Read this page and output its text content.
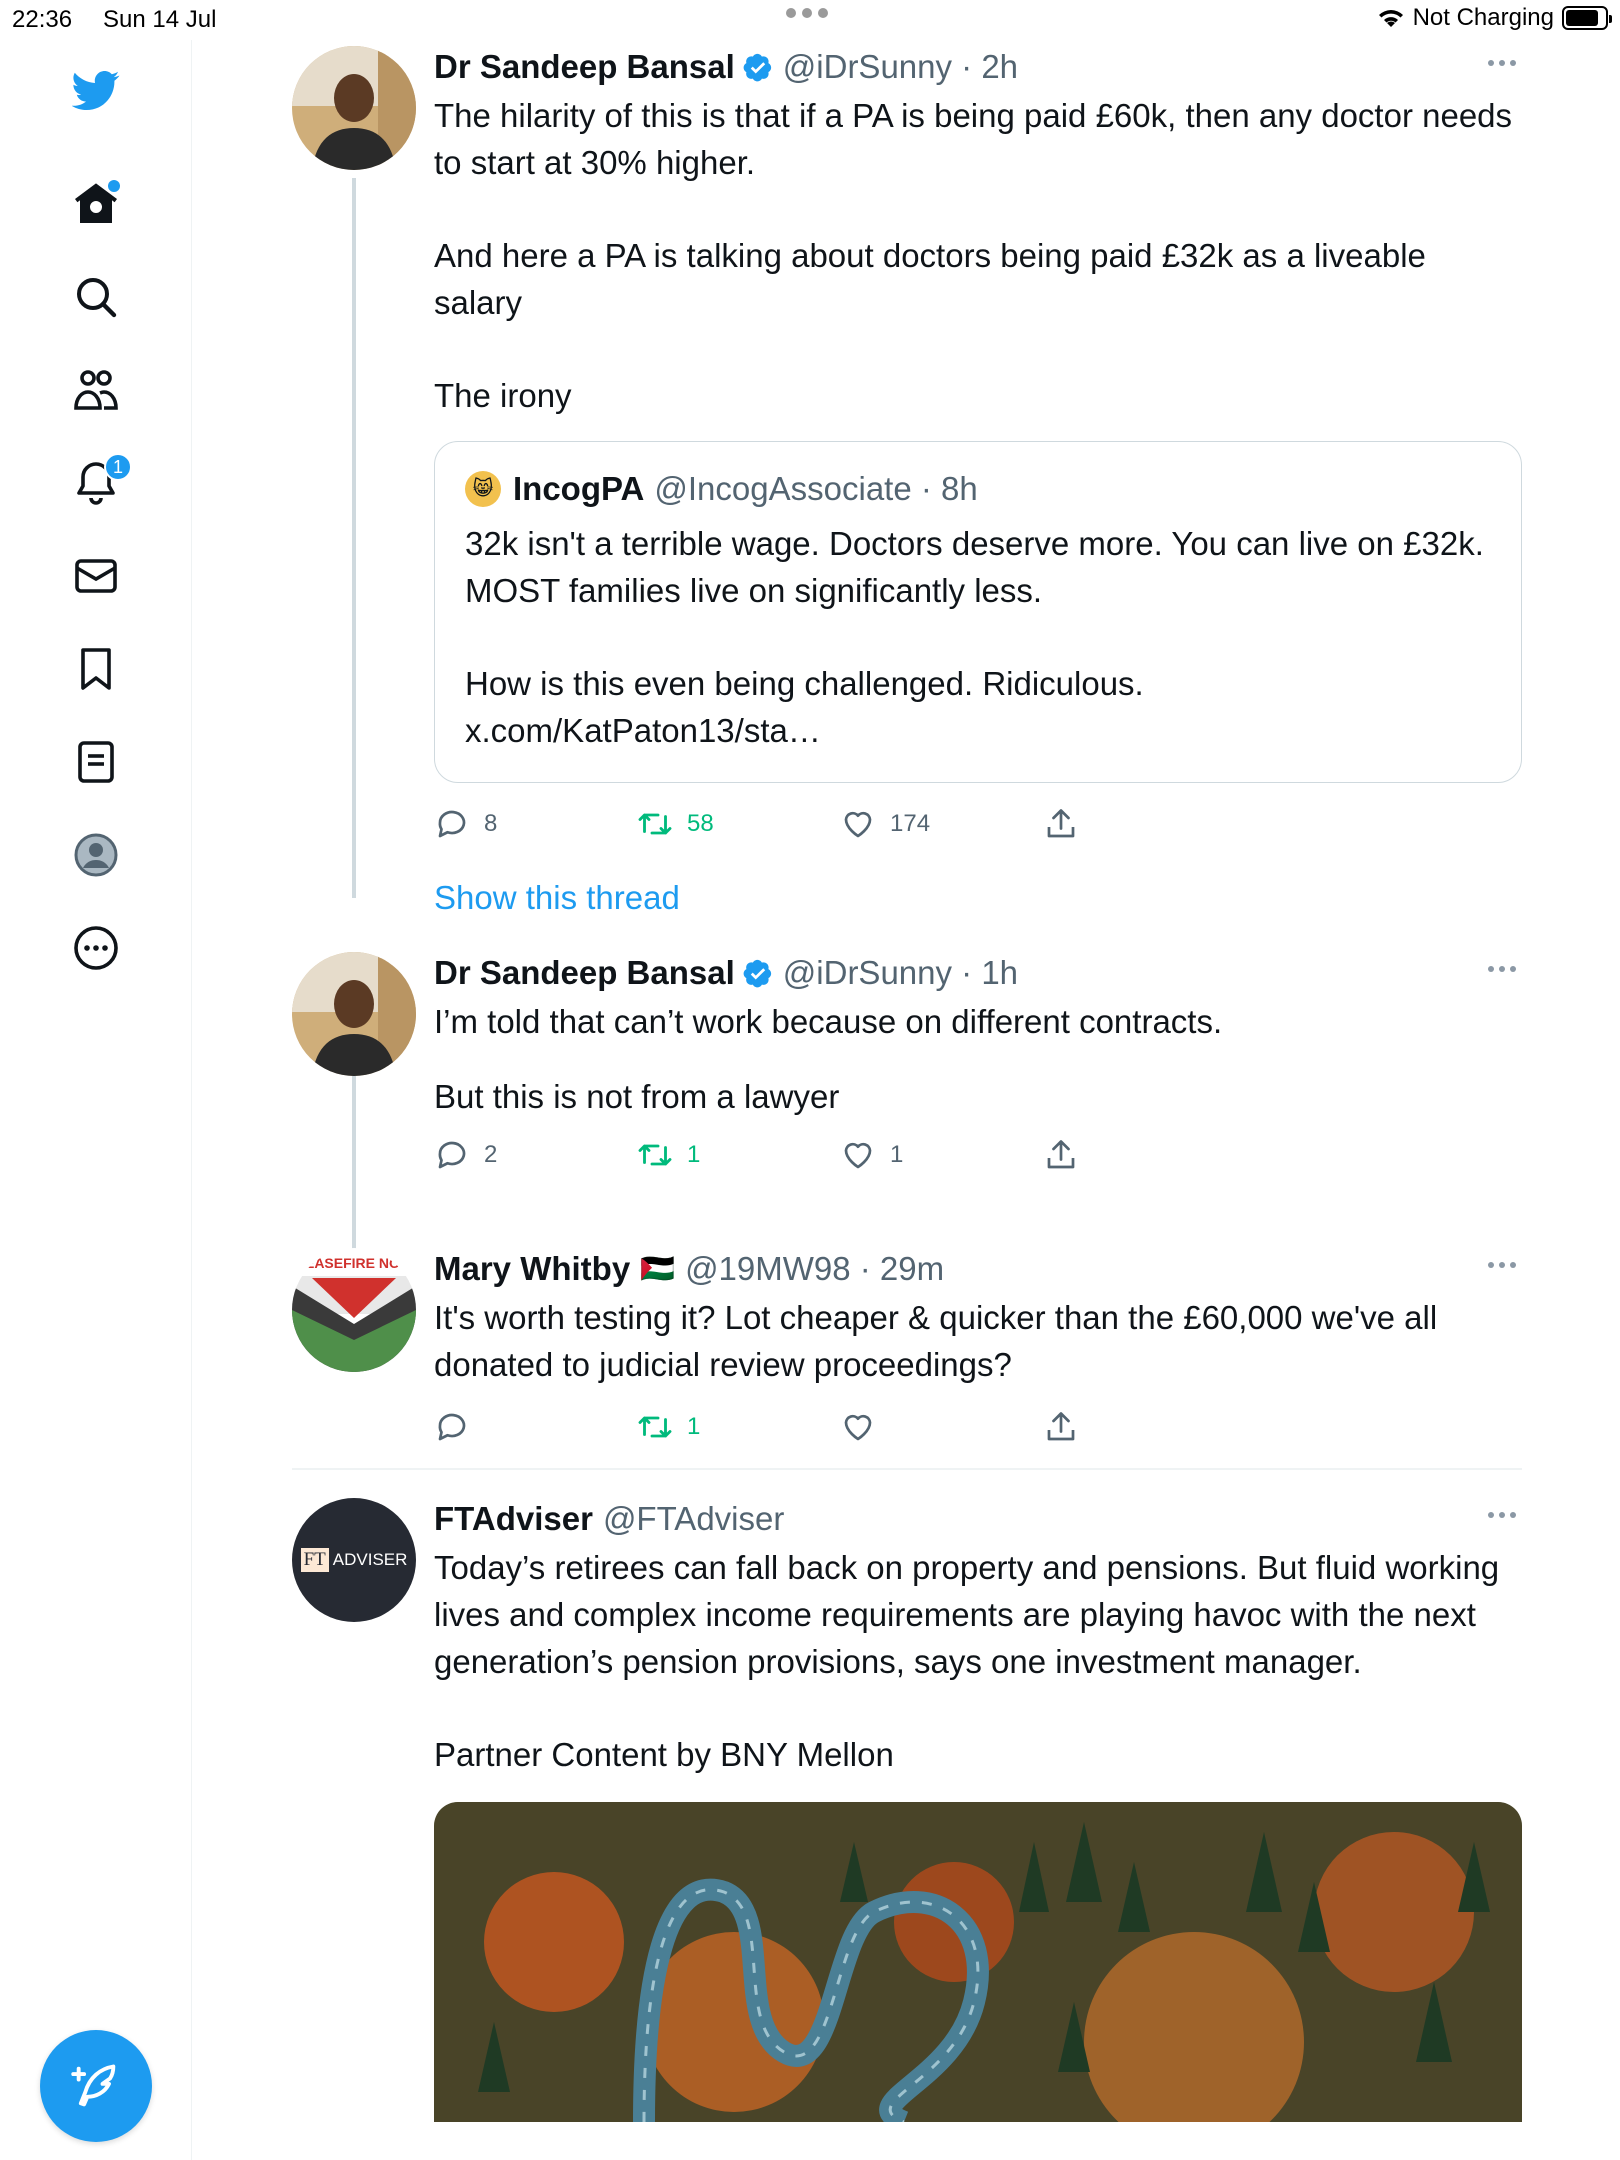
22:36 Sun 14 Jul	Not Charging
1
Dr Sandeep Bansal @iDrSunny · 2h

The hilarity of this is that if a PA is being paid £60k, then any doctor needs to start at 30% higher.

And here a PA is talking about doctors being paid £32k as a liveable salary

The irony

😸 IncogPA @IncogAssociate · 8h

32k isn't a terrible wage. Doctors deserve more. You can live on £32k. MOST families live on significantly less.

How is this even being challenged. Ridiculous. x.com/KatPaton13/sta…

8	58	174
Show this thread
Dr Sandeep Bansal @iDrSunny · 1h

I’m told that can’t work because on different contracts.

But this is not from a lawyer

2	1	1
CEASEFIRE NOW Mary Whitby 🇵🇸 @19MW98 · 29m

It's worth testing it? Lot cheaper & quicker than the £60,000 we've all donated to judicial review proceedings?

1
FT ADVISER
FTAdviser @FTAdviser

Today’s retirees can fall back on property and pensions. But fluid working lives and complex income requirements are playing havoc with the next generation’s pension provisions, says one investment manager.

Partner Content by BNY Mellon
